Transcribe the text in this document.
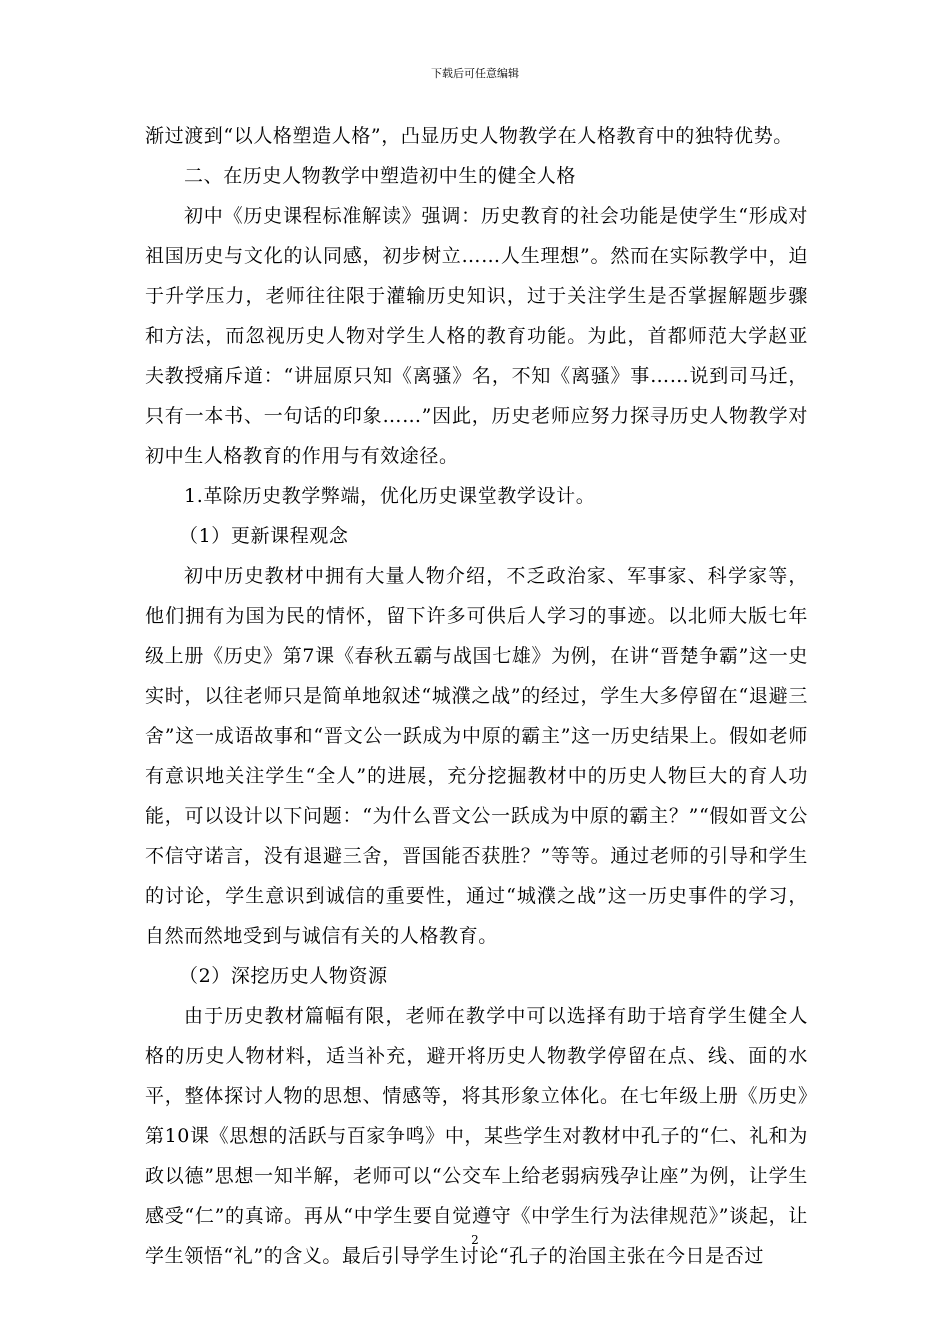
下载后可任意编辑

渐过渡到“以人格塑造人格”，凸显历史人物教学在人格教育中的独特优势。

二、在历史人物教学中塑造初中生的健全人格

初中《历史课程标准解读》强调：历史教育的社会功能是使学生“形成对祖国历史与文化的认同感，初步树立……人生理想”。然而在实际教学中，迫于升学压力，老师往往限于灌输历史知识，过于关注学生是否掌握解题步骤和方法，而忽视历史人物对学生人格的教育功能。为此，首都师范大学赵亚夫教授痛斥道：“讲屈原只知《离骚》名，不知《离骚》事……说到司马迁，只有一本书、一句话的印象……”因此，历史老师应努力探寻历史人物教学对初中生人格教育的作用与有效途径。

1.革除历史教学弊端，优化历史课堂教学设计。

（1）更新课程观念

初中历史教材中拥有大量人物介绍，不乏政治家、军事家、科学家等，他们拥有为国为民的情怀，留下许多可供后人学习的事迹。以北师大版七年级上册《历史》第7课《春秋五霸与战国七雄》为例，在讲“晋楚争霸”这一史实时，以往老师只是简单地叙述“城濮之战”的经过，学生大多停留在“退避三舍”这一成语故事和“晋文公一跃成为中原的霸主”这一历史结果上。假如老师有意识地关注学生“全人”的进展，充分挖掘教材中的历史人物巨大的育人功能，可以设计以下问题：“为什么晋文公一跃成为中原的霸主？”“假如晋文公不信守诺言，没有退避三舍，晋国能否获胜？”等等。通过老师的引导和学生的讨论，学生意识到诚信的重要性，通过“城濮之战”这一历史事件的学习，自然而然地受到与诚信有关的人格教育。

（2）深挖历史人物资源

由于历史教材篇幅有限，老师在教学中可以选择有助于培育学生健全人格的历史人物材料，适当补充，避开将历史人物教学停留在点、线、面的水平，整体探讨人物的思想、情感等，将其形象立体化。在七年级上册《历史》第10课《思想的活跃与百家争鸣》中，某些学生对教材中孔子的“仁、礼和为政以德”思想一知半解，老师可以“公交车上给老弱病残孕让座”为例，让学生感受“仁”的真谛。再从“中学生要自觉遵守《中学生行为法律规范》”谈起，让学生领悟“礼”的含义。最后引导学生讨论“孔子的治国主张在今日是否过

2
